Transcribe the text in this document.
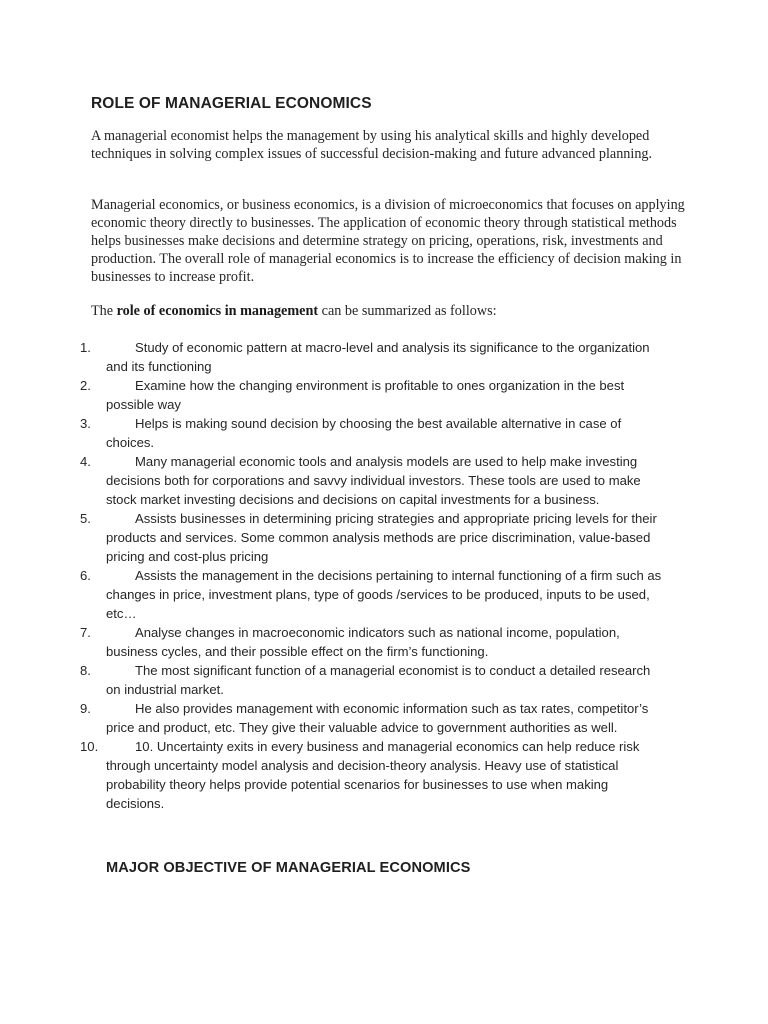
ROLE OF MANAGERIAL ECONOMICS

A managerial economist helps the management by using his analytical skills and highly developed techniques in solving complex issues of successful decision-making and future advanced planning.

Managerial economics, or business economics, is a division of microeconomics that focuses on applying economic theory directly to businesses. The application of economic theory through statistical methods helps businesses make decisions and determine strategy on pricing, operations, risk, investments and production. The overall role of managerial economics is to increase the efficiency of decision making in businesses to increase profit.

The role of economics in management can be summarized as follows:

1.	Study of economic pattern at macro-level and analysis its significance to the organization and its functioning
2.	Examine how the changing environment is profitable to ones organization in the best possible way
3.	Helps is making sound decision by choosing the best available alternative in case of choices.
4.	Many managerial economic tools and analysis models are used to help make investing decisions both for corporations and savvy individual investors. These tools are used to make stock market investing decisions and decisions on capital investments for a business.
5.	Assists businesses in determining pricing strategies and appropriate pricing levels for their products and services. Some common analysis methods are price discrimination, value-based pricing and cost-plus pricing
6.	Assists the management in the decisions pertaining to internal functioning of a firm such as changes in price, investment plans, type of goods /services to be produced, inputs to be used, etc…
7.	Analyse changes in macroeconomic indicators such as national income, population, business cycles, and their possible effect on the firm’s functioning.
8.	The most significant function of a managerial economist is to conduct a detailed research on industrial market.
9.	He also provides management with economic information such as tax rates, competitor’s price and product, etc. They give their valuable advice to government authorities as well.
10.	10. Uncertainty exits in every business and managerial economics can help reduce risk through uncertainty model analysis and decision-theory analysis. Heavy use of statistical probability theory helps provide potential scenarios for businesses to use when making decisions.
MAJOR OBJECTIVE OF MANAGERIAL ECONOMICS
